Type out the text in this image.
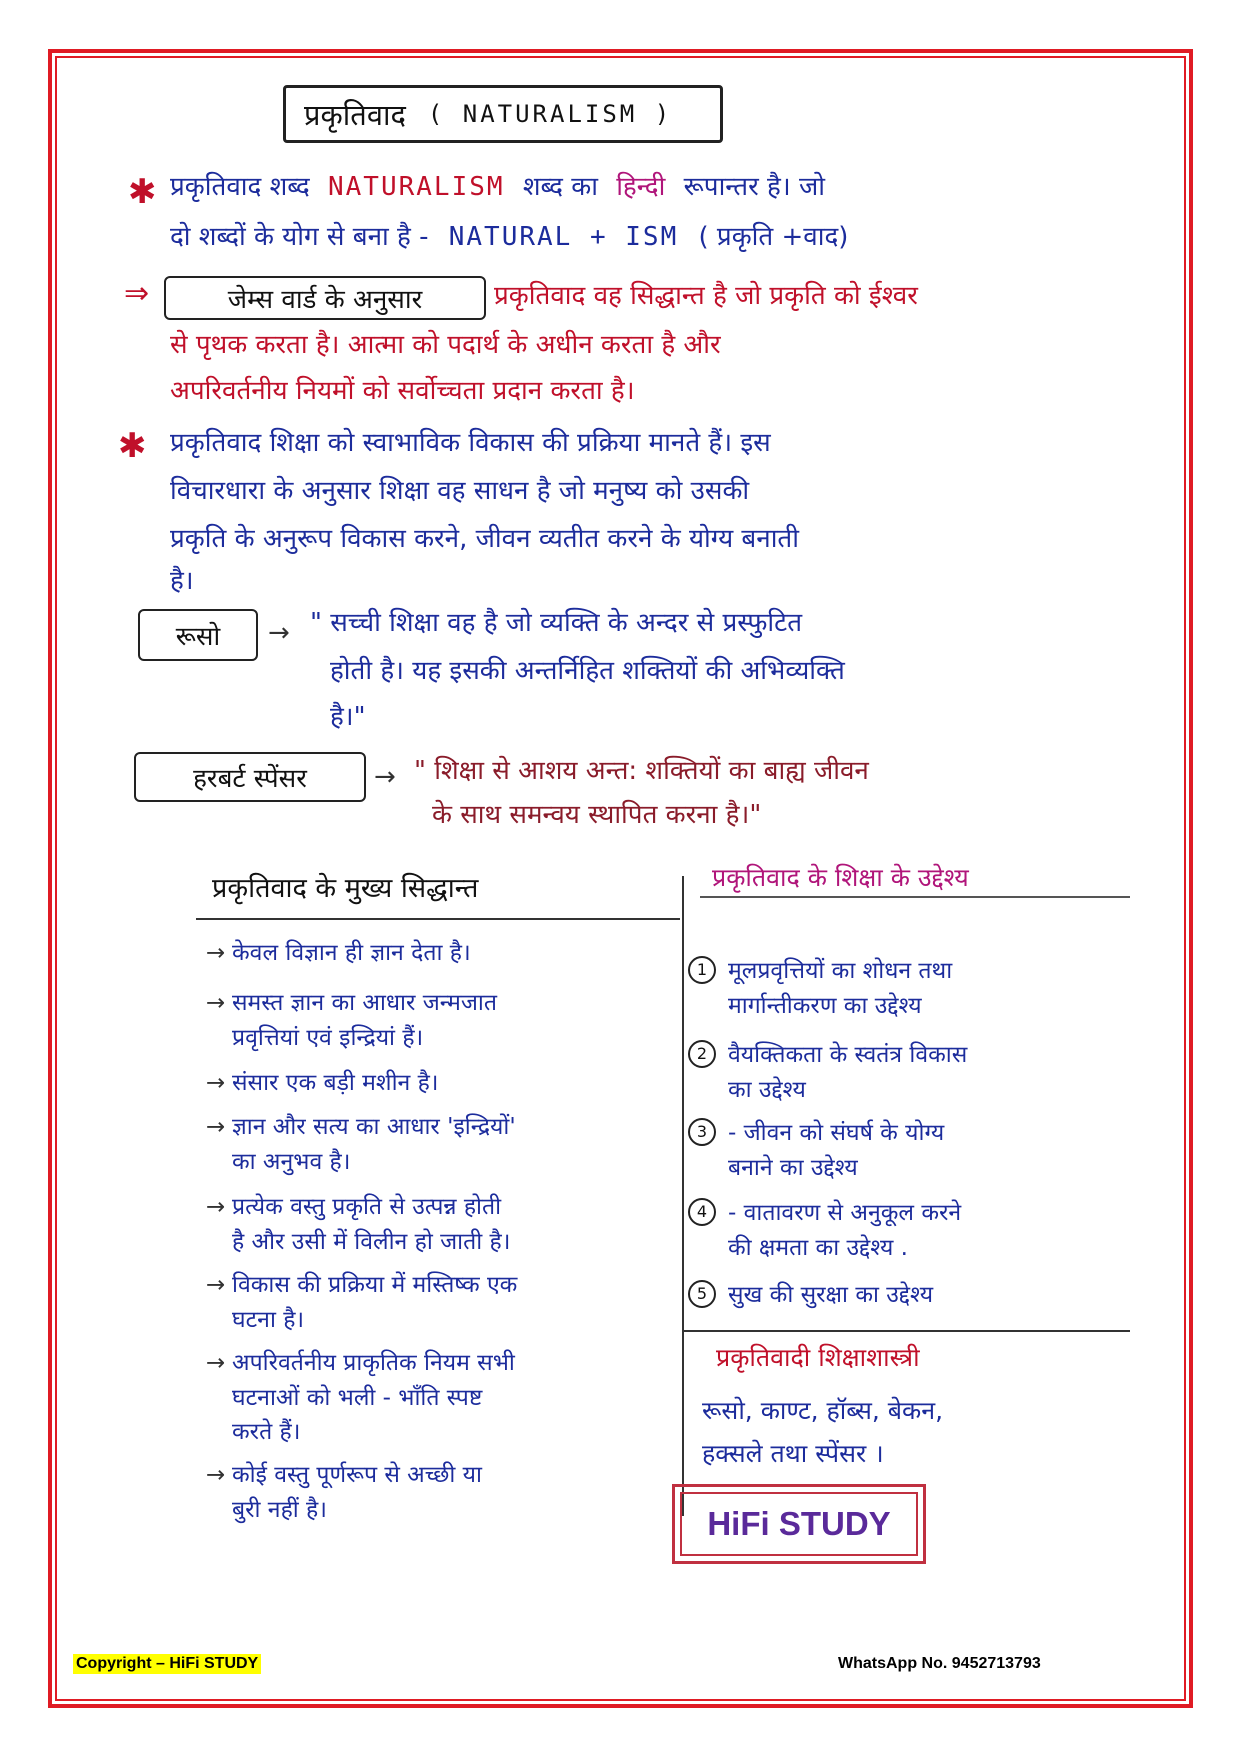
प्रकृतिवाद ( NATURALISM )
✱ प्रकृतिवाद शब्द NATURALISM शब्द का हिन्दी रूपान्तर है। जो
दो शब्दों के योग से बना है - NATURAL + ISM ( प्रकृति +वाद)
⇒	जेम्स वार्ड के अनुसार	प्रकृतिवाद वह सिद्धान्त है जो प्रकृति को ईश्वर
से पृथक करता है। आत्मा को पदार्थ के अधीन करता है और
अपरिवर्तनीय नियमों को सर्वोच्चता प्रदान करता है।
✱ प्रकृतिवाद शिक्षा को स्वाभाविक विकास की प्रक्रिया मानते हैं। इस
विचारधारा के अनुसार शिक्षा वह साधन है जो मनुष्य को उसकी
प्रकृति के अनुरूप विकास करने, जीवन व्यतीत करने के योग्य बनाती
है।
रूसो	→ " सच्ची शिक्षा वह है जो व्यक्ति के अन्दर से प्रस्फुटित
होती है। यह इसकी अन्तर्निहित शक्तियों की अभिव्यक्ति
है।"
हरबर्ट स्पेंसर	→ " शिक्षा से आशय अन्त: शक्तियों का बाह्य जीवन
के साथ समन्वय स्थापित करना है।"
प्रकृतिवाद के मुख्य सिद्धान्त	प्रकृतिवाद के शिक्षा के उद्देश्य
→ केवल विज्ञान ही ज्ञान देता है।
→ समस्त ज्ञान का आधार जन्मजात
प्रवृत्तियां एवं इन्द्रियां हैं।
→ संसार एक बड़ी मशीन है।
→ ज्ञान और सत्य का आधार 'इन्द्रियों'
का अनुभव है।
→ प्रत्येक वस्तु प्रकृति से उत्पन्न होती
है और उसी में विलीन हो जाती है।
→ विकास की प्रक्रिया में मस्तिष्क एक
घटना है।
→ अपरिवर्तनीय प्राकृतिक नियम सभी
घटनाओं को भली - भाँति स्पष्ट
करते हैं।
→ कोई वस्तु पूर्णरूप से अच्छी या
बुरी नहीं है।
1 मूलप्रवृत्तियों का शोधन तथा
मार्गान्तीकरण का उद्देश्य
2 वैयक्तिकता के स्वतंत्र विकास
का उद्देश्य
3 - जीवन को संघर्ष के योग्य
बनाने का उद्देश्य
4 - वातावरण से अनुकूल करने
की क्षमता का उद्देश्य .
5 सुख की सुरक्षा का उद्देश्य
प्रकृतिवादी शिक्षाशास्त्री
रूसो, काण्ट, हॉब्स, बेकन,
हक्सले तथा स्पेंसर ।
HiFi STUDY
Copyright – HiFi STUDY	WhatsApp No. 9452713793
